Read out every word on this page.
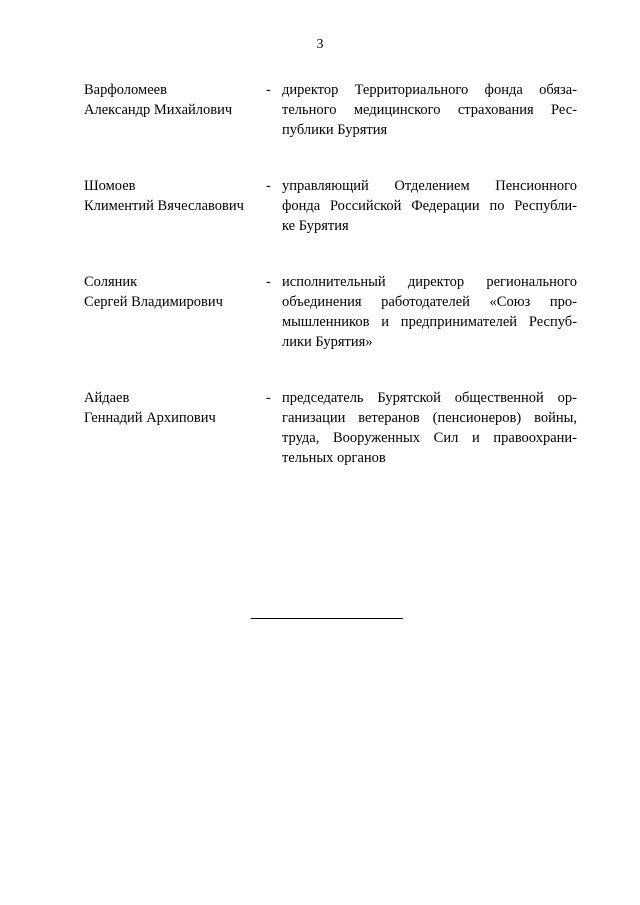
3
Варфоломеев
Александр Михайлович
- директор Территориального фонда обяза-
тельного медицинского страхования Рес-
публики Бурятия
Шомоев
Климентий Вячеславович
- управляющий Отделением Пенсионного
фонда Российской Федерации по Республи-
ке Бурятия
Соляник
Сергей Владимирович
- исполнительный директор регионального
объединения работодателей «Союз про-
мышленников и предпринимателей Респуб-
лики Бурятия»
Айдаев
Геннадий Архипович
- председатель Бурятской общественной ор-
ганизации ветеранов (пенсионеров) войны,
труда, Вооруженных Сил и правоохрани-
тельных органов
